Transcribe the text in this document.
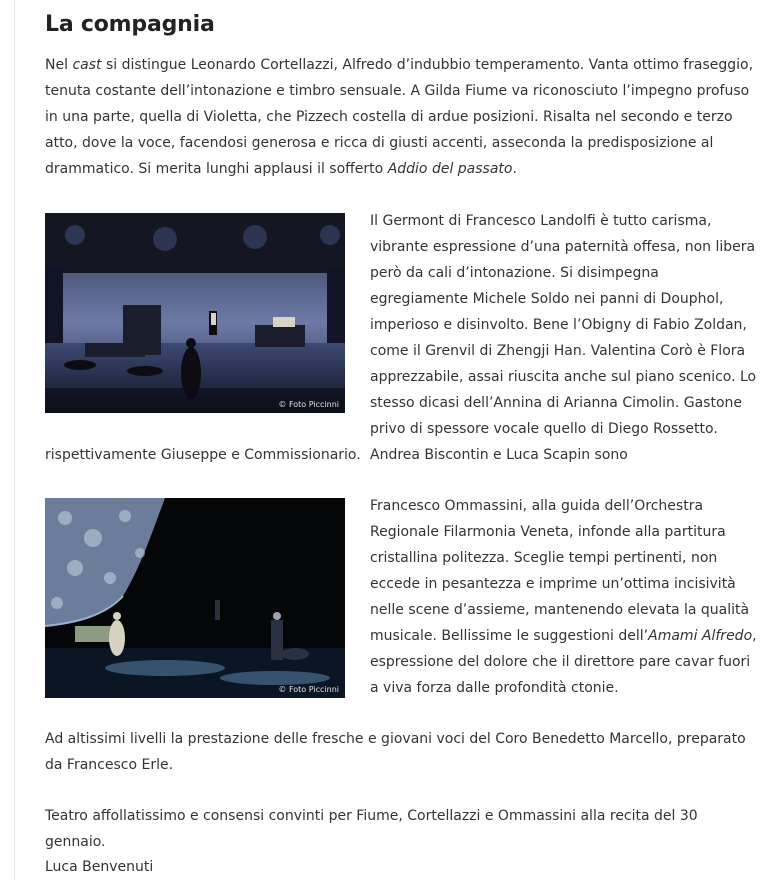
La compagnia

Nel cast si distingue Leonardo Cortellazzi, Alfredo d’indubbio temperamento. Vanta ottimo fraseggio, tenuta costante dell’intonazione e timbro sensuale. A Gilda Fiume va riconosciuto l’impegno profuso in una parte, quella di Violetta, che Pizzech costella di ardue posizioni. Risalta nel secondo e terzo atto, dove la voce, facendosi generosa e ricca di giusti accenti, asseconda la predisposizione al drammatico. Si merita lunghi applausi il sofferto Addio del passato.

© Foto Piccinni

Il Germont di Francesco Landolfi è tutto carisma, vibrante espressione d’una paternità offesa, non libera però da cali d’intonazione. Si disimpegna egregiamente Michele Soldo nei panni di Douphol, imperioso e disinvolto. Bene l’Obigny di Fabio Zoldan, come il Grenvil di Zhengji Han. Valentina Corò è Flora apprezzabile, assai riuscita anche sul piano scenico. Lo stesso dicasi dell’Annina di Arianna Cimolin. Gastone privo di spessore vocale quello di Diego Rossetto. Andrea Biscontin e Luca Scapin sono

rispettivamente Giuseppe e Commissionario.

© Foto Piccinni

Francesco Ommassini, alla guida dell’Orchestra Regionale Filarmonia Veneta, infonde alla partitura cristallina politezza. Sceglie tempi pertinenti, non eccede in pesantezza e imprime un’ottima incisività nelle scene d’assieme, mantenendo elevata la qualità musicale. Bellissime le suggestioni dell’Amami Alfredo, espressione del dolore che il direttore pare cavar fuori a viva forza dalle profondità ctonie.

Ad altissimi livelli la prestazione delle fresche e giovani voci del Coro Benedetto Marcello, preparato da Francesco Erle.

Teatro affollatissimo e consensi convinti per Fiume, Cortellazzi e Ommassini alla recita del 30 gennaio.

Luca Benvenuti
